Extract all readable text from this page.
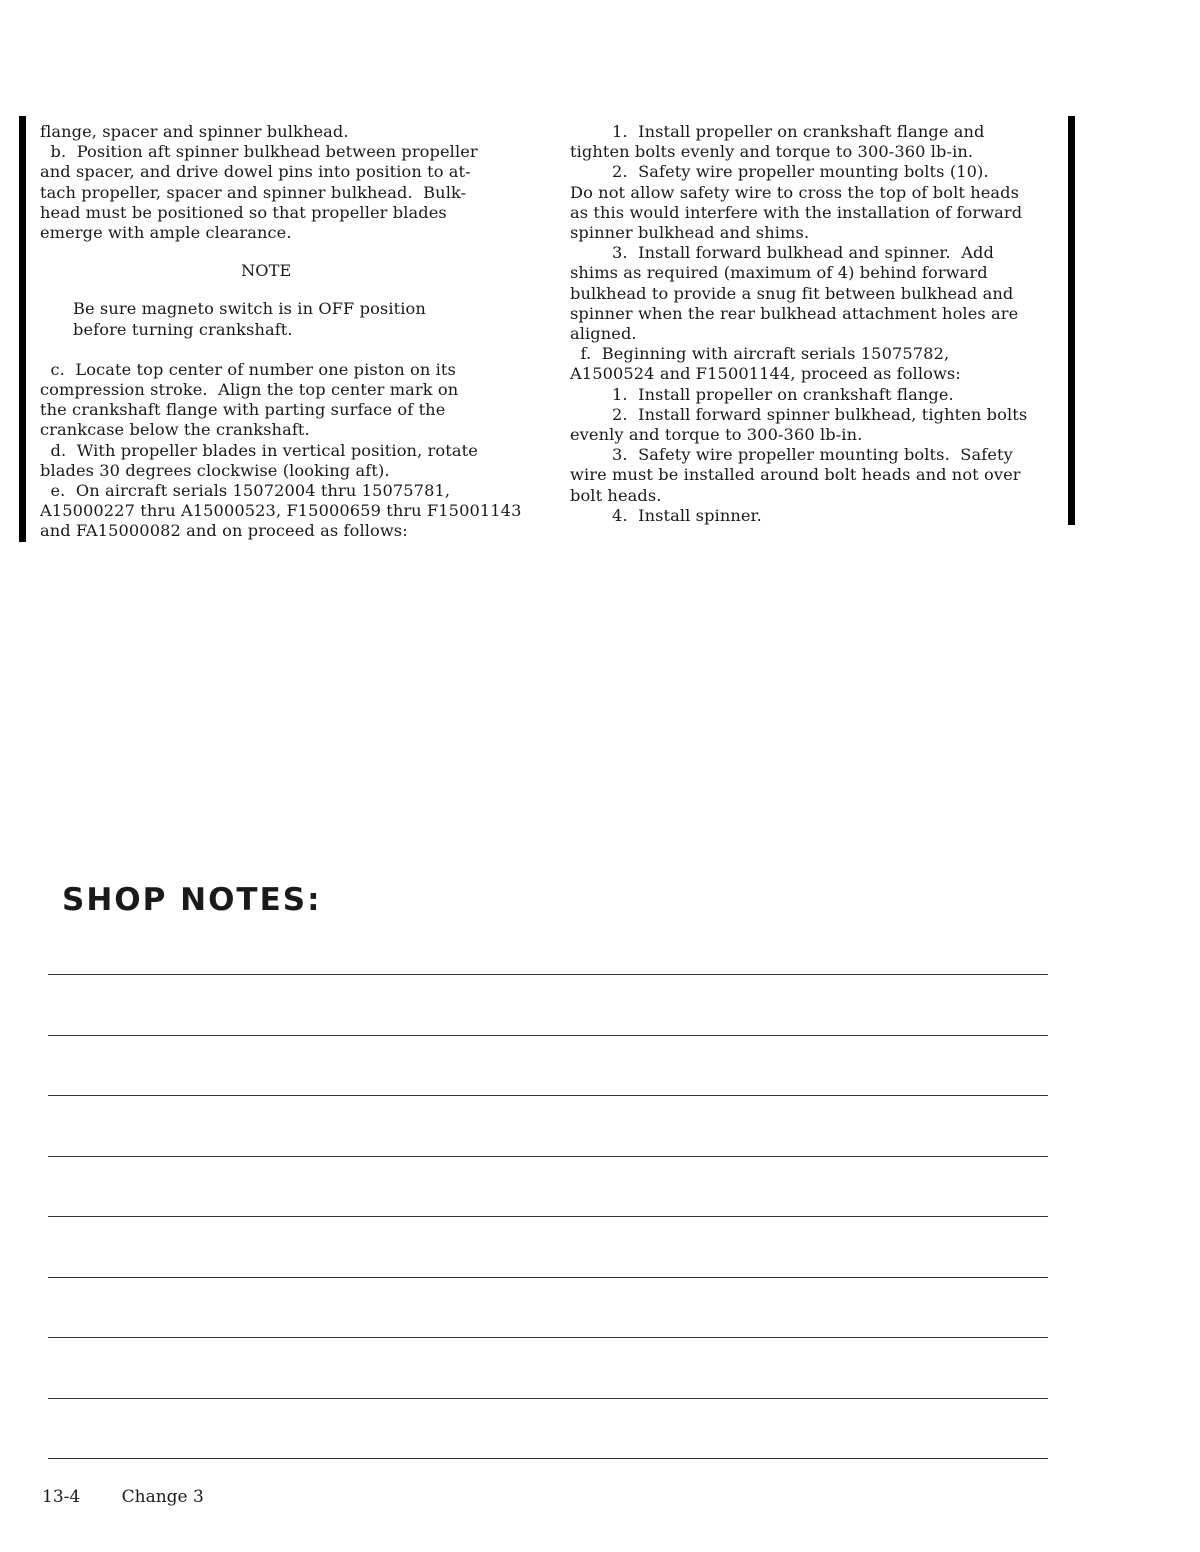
flange, spacer and spinner bulkhead.

b.  Position aft spinner bulkhead between propeller

and spacer, and drive dowel pins into position to at-

tach propeller, spacer and spinner bulkhead.  Bulk-

head must be positioned so that propeller blades

emerge with ample clearance.

NOTE

Be sure magneto switch is in OFF position

before turning crankshaft.

c.  Locate top center of number one piston on its

compression stroke.  Align the top center mark on

the crankshaft flange with parting surface of the

crankcase below the crankshaft.

d.  With propeller blades in vertical position, rotate

blades 30 degrees clockwise (looking aft).

e.  On aircraft serials 15072004 thru 15075781,

A15000227 thru A15000523, F15000659 thru F15001143

and FA15000082 and on proceed as follows:

1.  Install propeller on crankshaft flange and

tighten bolts evenly and torque to 300-360 lb-in.

2.  Safety wire propeller mounting bolts (10).

Do not allow safety wire to cross the top of bolt heads

as this would interfere with the installation of forward

spinner bulkhead and shims.

3.  Install forward bulkhead and spinner.  Add

shims as required (maximum of 4) behind forward

bulkhead to provide a snug fit between bulkhead and

spinner when the rear bulkhead attachment holes are

aligned.

f.  Beginning with aircraft serials 15075782,

A1500524 and F15001144, proceed as follows:

1.  Install propeller on crankshaft flange.

2.  Install forward spinner bulkhead, tighten bolts

evenly and torque to 300-360 lb-in.

3.  Safety wire propeller mounting bolts.  Safety

wire must be installed around bolt heads and not over

bolt heads.

4.  Install spinner.

SHOP NOTES:
13-4 Change 3
